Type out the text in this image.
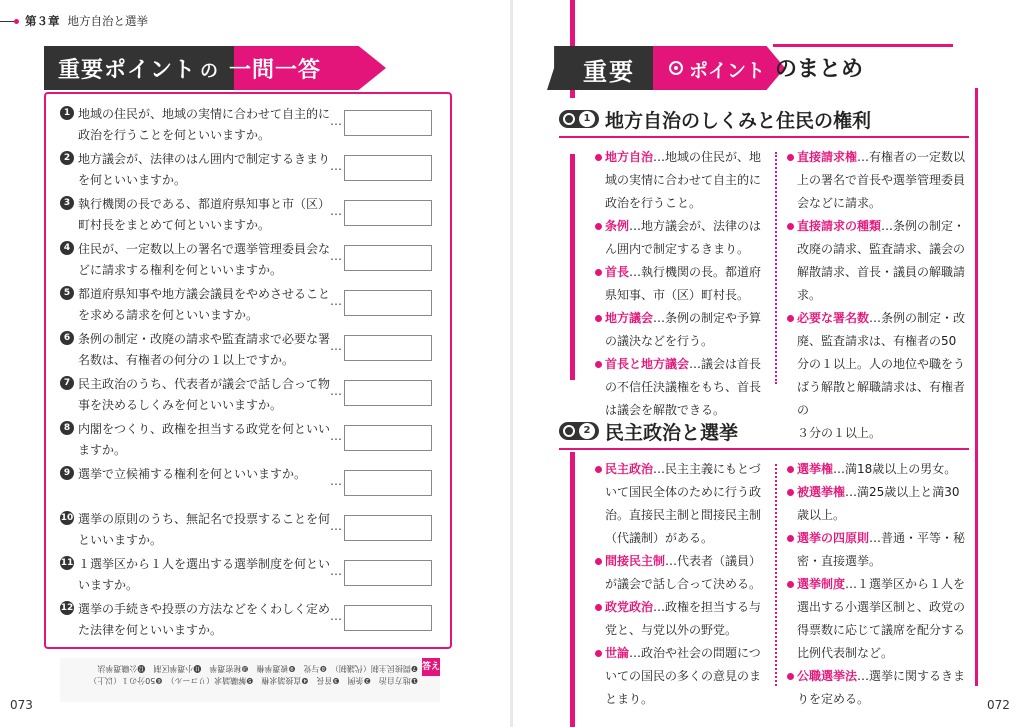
第３章 地方自治と選挙
重要ポイント の 一問一答
1 地域の住民が、地域の実情に合わせて自主的に政治を行うことを何といいますか。
…
2 地方議会が、法律のはん囲内で制定するきまりを何といいますか。
…
3 執行機関の長である、都道府県知事と市（区）町村長をまとめて何といいますか。
…
4 住民が、一定数以上の署名で選挙管理委員会などに請求する権利を何といいますか。
…
5 都道府県知事や地方議会議員をやめさせることを求める請求を何といいますか。
…
6 条例の制定・改廃の請求や監査請求で必要な署名数は、有権者の何分の１以上ですか。
…
7 民主政治のうち、代表者が議会で話し合って物事を決めるしくみを何といいますか。
…
8 内閣をつくり、政権を担当する政党を何といいますか。
…
9 選挙で立候補する権利を何といいますか。	…
10 選挙の原則のうち、無記名で投票することを何といいますか。
…
11 １選挙区から１人を選出する選挙制度を何といいますか。
…
12 選挙の手続きや投票の方法などをくわしく定めた法律を何といいますか。
…
答え
❶地方自治　❷条例　❸首長　❹直接請求権　❺解職請求（リコール）　❻50分の１（以上）
❼間接民主制（代議制）　❽与党　❾被選挙権　❿秘密選挙　⓫小選挙区制　⓬公職選挙法
073
重要	ポイント のまとめ
1 地方自治のしくみと住民の権利
地方自治…地域の住民が、地域の実情に合わせて自主的に政治を行うこと。
条例…地方議会が、法律のはん囲内で制定するきまり。
首長…執行機関の長。都道府県知事、市（区）町村長。
地方議会…条例の制定や予算の議決などを行う。
首長と地方議会…議会は首長の不信任決議権をもち、首長は議会を解散できる。
直接請求権…有権者の一定数以上の署名で首長や選挙管理委員会などに請求。
直接請求の種類…条例の制定・改廃の請求、監査請求、議会の解散請求、首長・議員の解職請求。
必要な署名数…条例の制定・改廃、監査請求は、有権者の50分の１以上。人の地位や職をうばう解散と解職請求は、有権者の
３分の１以上。
2 民主政治と選挙
民主政治…民主主義にもとづいて国民全体のために行う政治。直接民主制と間接民主制（代議制）がある。
間接民主制…代表者（議員）が議会で話し合って決める。
政党政治…政権を担当する与党と、与党以外の野党。
世論…政治や社会の問題についての国民の多くの意見のまとまり。
選挙権…満18歳以上の男女。
被選挙権…満25歳以上と満30歳以上。
選挙の四原則…普通・平等・秘密・直接選挙。
選挙制度…１選挙区から１人を選出する小選挙区制と、政党の得票数に応じて議席を配分する比例代表制など。
公職選挙法…選挙に関するきまりを定める。	072
